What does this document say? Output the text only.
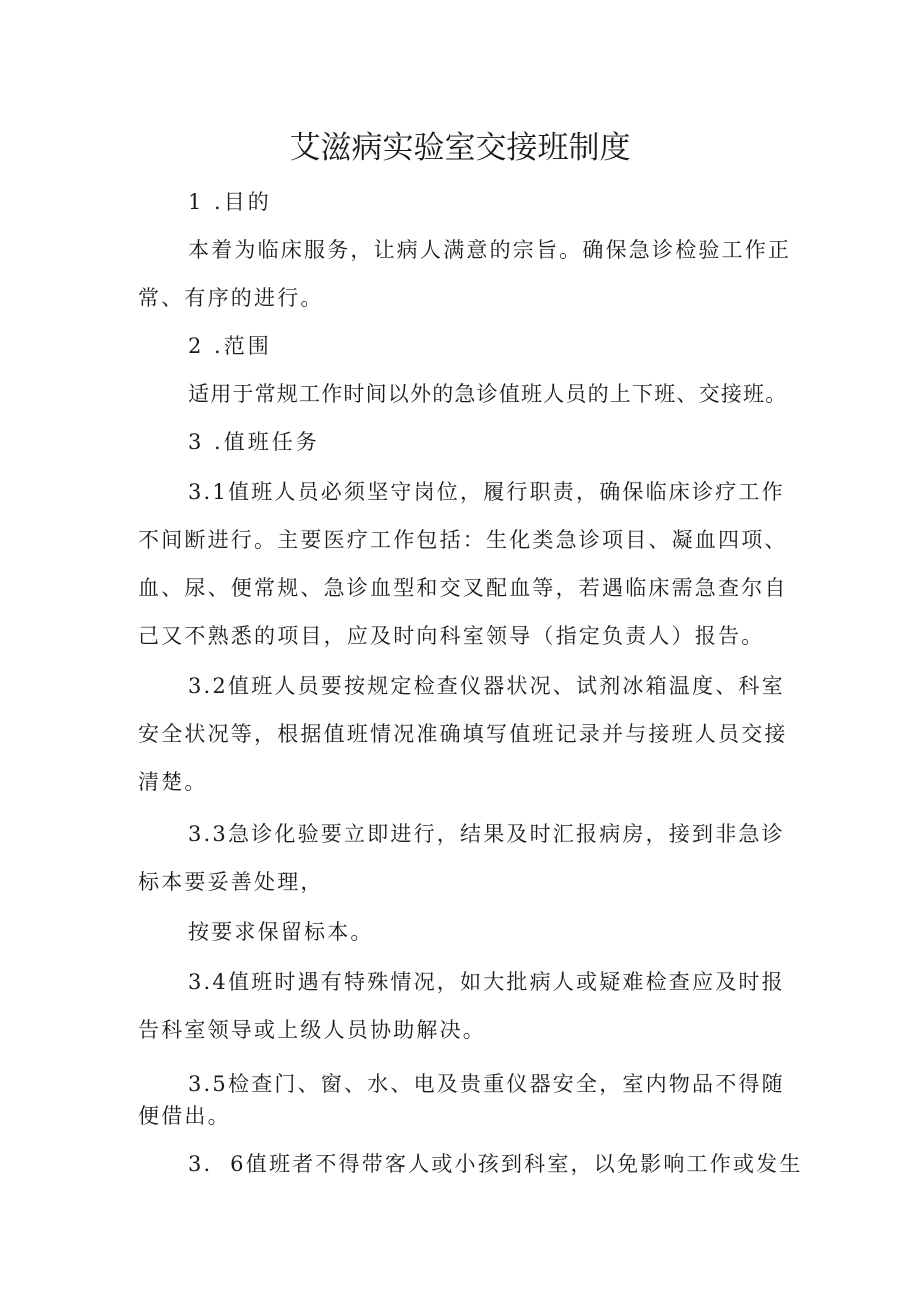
艾滋病实验室交接班制度

1 .目的

本着为临床服务，让病人满意的宗旨。确保急诊检验工作正

常、有序的进行。

2 .范围

适用于常规工作时间以外的急诊值班人员的上下班、交接班。

3 .值班任务

3.1值班人员必须坚守岗位，履行职责，确保临床诊疗工作

不间断进行。主要医疗工作包括：生化类急诊项目、凝血四项、

血、尿、便常规、急诊血型和交叉配血等，若遇临床需急查尔自

己又不熟悉的项目，应及时向科室领导（指定负责人）报告。

3.2值班人员要按规定检查仪器状况、试剂冰箱温度、科室

安全状况等，根据值班情况准确填写值班记录并与接班人员交接

清楚。

3.3急诊化验要立即进行，结果及时汇报病房，接到非急诊

标本要妥善处理，

按要求保留标本。

3.4值班时遇有特殊情况，如大批病人或疑难检查应及时报

告科室领导或上级人员协助解决。

3.5检查门、窗、水、电及贵重仪器安全，室内物品不得随

便借出。

3.  6值班者不得带客人或小孩到科室，以免影响工作或发生
